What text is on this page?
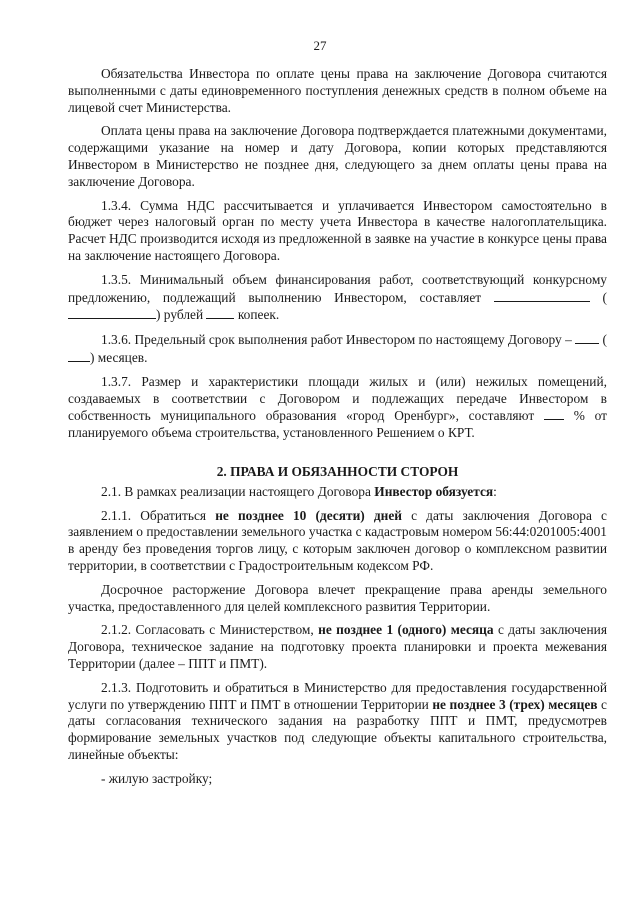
27

Обязательства Инвестора по оплате цены права на заключение Договора считаются выполненными с даты единовременного поступления денежных средств в полном объеме на лицевой счет Министерства.

Оплата цены права на заключение Договора подтверждается платежными документами, содержащими указание на номер и дату Договора, копии которых представляются Инвестором в Министерство не позднее дня, следующего за днем оплаты цены права на заключение Договора.

1.3.4. Сумма НДС рассчитывается и уплачивается Инвестором самостоятельно в бюджет через налоговый орган по месту учета Инвестора в качестве налогоплательщика. Расчет НДС производится исходя из предложенной в заявке на участие в конкурсе цены права на заключение настоящего Договора.

1.3.5. Минимальный объем финансирования работ, соответствующий конкурсному предложению, подлежащий выполнению Инвестором, составляет	() рублей  копеек.

1.3.6. Предельный срок выполнения работ Инвестором по настоящему Договору –  () месяцев.

1.3.7. Размер и характеристики площади жилых и (или) нежилых помещений, создаваемых в соответствии с Договором и подлежащих передаче Инвестором в собственность муниципального образования «город Оренбург», составляют  % от планируемого объема строительства, установленного Решением о КРТ.

2. ПРАВА И ОБЯЗАННОСТИ СТОРОН

2.1. В рамках реализации настоящего Договора Инвестор обязуется:

2.1.1. Обратиться не позднее 10 (десяти) дней с даты заключения Договора с заявлением о предоставлении земельного участка с кадастровым номером 56:44:0201005:4001 в аренду без проведения торгов лицу, с которым заключен договор о комплексном развитии территории, в соответствии с Градостроительным кодексом РФ.

Досрочное расторжение Договора влечет прекращение права аренды земельного участка, предоставленного для целей комплексного развития Территории.

2.1.2. Согласовать с Министерством, не позднее 1 (одного) месяца с даты заключения Договора, техническое задание на подготовку проекта планировки и проекта межевания Территории (далее – ППТ и ПМТ).

2.1.3. Подготовить и обратиться в Министерство для предоставления государственной услуги по утверждению ППТ и ПМТ в отношении Территории не позднее 3 (трех) месяцев с даты согласования технического задания на разработку ППТ и ПМТ, предусмотрев формирование земельных участков под следующие объекты капитального строительства, линейные объекты:

- жилую застройку;
